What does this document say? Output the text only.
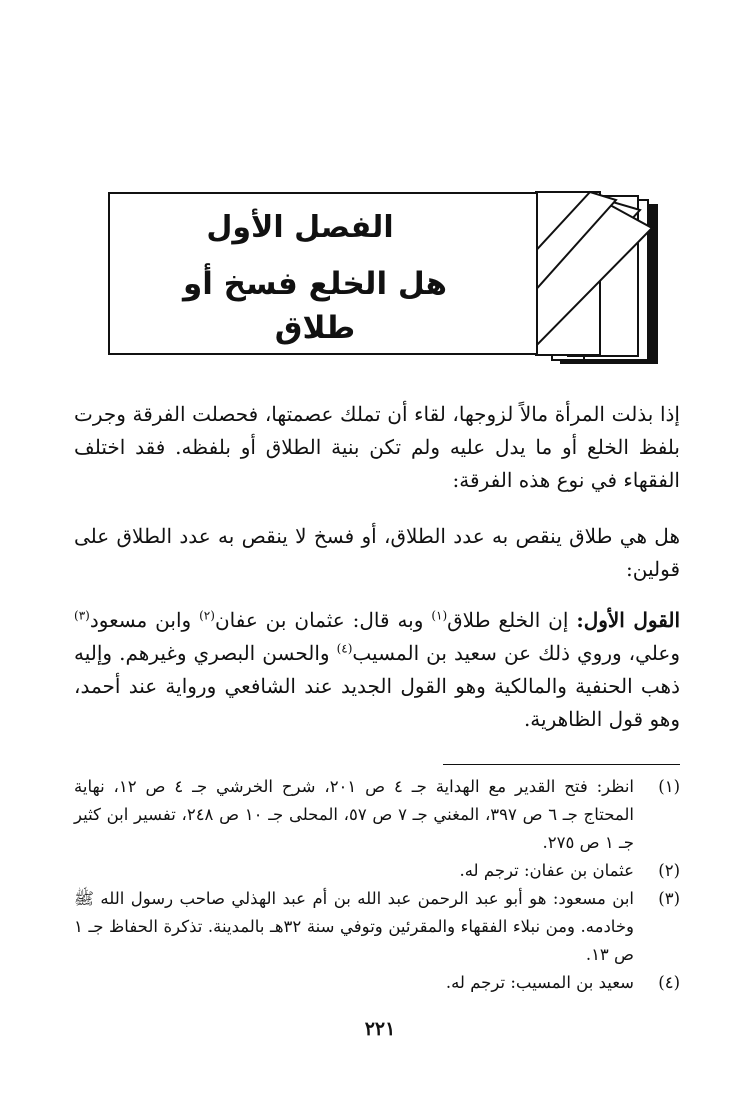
الفصل الأول
هل الخلع فسخ أو طلاق
إذا بذلت المرأة مالاً لزوجها، لقاء أن تملك عصمتها، فحصلت الفرقة وجرت بلفظ الخلع أو ما يدل عليه ولم تكن بنية الطلاق أو بلفظه. فقد اختلف الفقهاء في نوع هذه الفرقة:
هل هي طلاق ينقص به عدد الطلاق، أو فسخ لا ينقص به عدد الطلاق على قولين:
القول الأول: إن الخلع طلاق$^{(١)}$ وبه قال: عثمان بن عفان$^{(٢)}$ وابن مسعود$^{(٣)}$ وعلي، وروي ذلك عن سعيد بن المسيب$^{(٤)}$ والحسن البصري وغيرهم. وإليه ذهب الحنفية والمالكية وهو القول الجديد عند الشافعي ورواية عند أحمد، وهو قول الظاهرية.
(١)
انظر: فتح القدير مع الهداية جـ ٤ ص ٢٠١، شرح الخرشي جـ ٤ ص ١٢، نهاية المحتاج جـ ٦ ص ٣٩٧، المغني جـ ٧ ص ٥٧، المحلى جـ ١٠ ص ٢٤٨، تفسير ابن كثير جـ ١ ص ٢٧٥.
(٢)
عثمان بن عفان: ترجم له.
(٣)
ابن مسعود: هو أبو عبد الرحمن عبد الله بن أم عبد الهذلي صاحب رسول الله ﷺ وخادمه. ومن نبلاء الفقهاء والمقرئين وتوفي سنة ٣٢هـ بالمدينة. تذكرة الحفاظ جـ ١ ص ١٣.
(٤)
سعيد بن المسيب: ترجم له.
٢٢١
